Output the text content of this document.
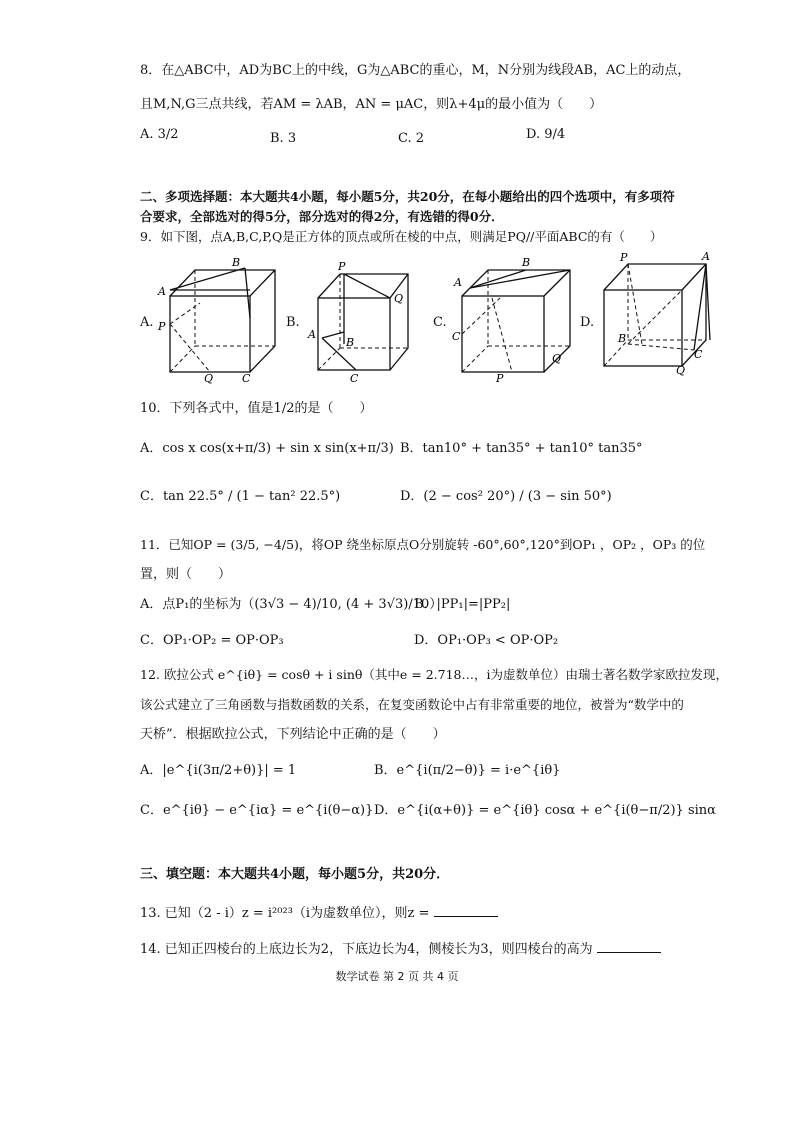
8．在△ABC中，AD为BC上的中线，G为△ABC的重心，M，N分别为线段AB，AC上的动点，
且M,N,G三点共线，若AM = λAB，AN = μAC，则λ+4μ的最小值为（　　）
A. 3/2	B. 3	C. 2	D. 9/4
二、多项选择题：本大题共4小题，每小题5分，共20分，在每小题给出的四个选项中，有多项符
合要求，全部选对的得5分，部分选对的得2分，有选错的得0分．
9．如下图，点A,B,C,P,Q是正方体的顶点或所在棱的中点，则满足PQ//平面ABC的有（　　）
A.
B
A
P
Q	C
B.
P
Q
A
B
C
C.
A
B
C
P
Q
D.
P	A
B
C
Q
10．下列各式中，值是1/2的是（　　）
A．cos x cos(x+π/3) + sin x sin(x+π/3) B．tan10° + tan35° + tan10° tan35°
C．tan 22.5° / (1 − tan² 22.5°)	D．(2 − cos² 20°) / (3 − sin 50°)
11．已知OP = (3/5, −4/5)，将OP 绕坐标原点O分别旋转 -60°,60°,120°到OP₁ ，OP₂ ，OP₃ 的位
置，则（　　）
A．点P₁的坐标为（(3√3 − 4)/10, (4 + 3√3)/10）
B．|PP₁|=|PP₂|
C．OP₁·OP₂ = OP·OP₃	D．OP₁·OP₃ < OP·OP₂
12. 欧拉公式 e^{iθ} = cosθ + i sinθ（其中e = 2.718…，i为虚数单位）由瑞士著名数学家欧拉发现，
该公式建立了三角函数与指数函数的关系，在复变函数论中占有非常重要的地位，被誉为“数学中的
天桥”．根据欧拉公式，下列结论中正确的是（　　）
A．|e^{i(3π/2+θ)}| = 1	B．e^{i(π/2−θ)} = i·e^{iθ}
C．e^{iθ} − e^{iα} = e^{i(θ−α)} D．e^{i(α+θ)} = e^{iθ} cosα + e^{i(θ−π/2)} sinα
三、填空题：本大题共4小题，每小题5分，共20分．
13. 已知（2 - i）z = i²⁰²³（i为虚数单位），则z =
14. 已知正四棱台的上底边长为2，下底边长为4，侧棱长为3，则四棱台的高为
数学试卷 第 2 页 共 4 页
